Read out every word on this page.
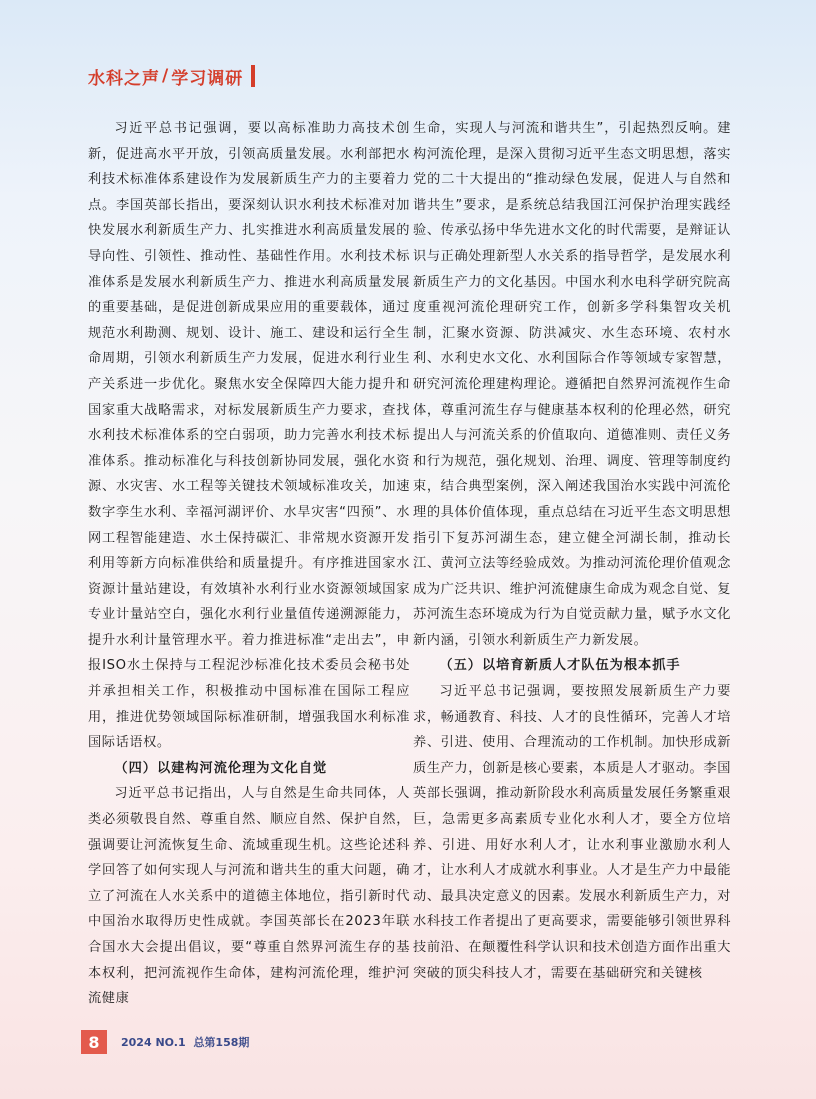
水科之声 / 学习调研

习近平总书记强调，要以高标准助力高技术创新，促进高水平开放，引领高质量发展。水利部把水利技术标准体系建设作为发展新质生产力的主要着力点。李国英部长指出，要深刻认识水利技术标准对加快发展水利新质生产力、扎实推进水利高质量发展的导向性、引领性、推动性、基础性作用。水利技术标准体系是发展水利新质生产力、推进水利高质量发展的重要基础，是促进创新成果应用的重要载体，通过规范水利勘测、规划、设计、施工、建设和运行全生命周期，引领水利新质生产力发展，促进水利行业生产关系进一步优化。聚焦水安全保障四大能力提升和国家重大战略需求，对标发展新质生产力要求，查找水利技术标准体系的空白弱项，助力完善水利技术标准体系。推动标准化与科技创新协同发展，强化水资源、水灾害、水工程等关键技术领域标准攻关，加速数字孪生水利、幸福河湖评价、水旱灾害“四预”、水网工程智能建造、水土保持碳汇、非常规水资源开发利用等新方向标准供给和质量提升。有序推进国家水资源计量站建设，有效填补水利行业水资源领域国家专业计量站空白，强化水利行业量值传递溯源能力，提升水利计量管理水平。着力推进标准“走出去”，申报ISO水土保持与工程泥沙标准化技术委员会秘书处并承担相关工作，积极推动中国标准在国际工程应用，推进优势领域国际标准研制，增强我国水利标准国际话语权。

（四）以建构河流伦理为文化自觉

习近平总书记指出，人与自然是生命共同体，人类必须敬畏自然、尊重自然、顺应自然、保护自然，强调要让河流恢复生命、流域重现生机。这些论述科学回答了如何实现人与河流和谐共生的重大问题，确立了河流在人水关系中的道德主体地位，指引新时代中国治水取得历史性成就。李国英部长在2023年联合国水大会提出倡议，要“尊重自然界河流生存的基本权利，把河流视作生命体，建构河流伦理，维护河流健康

生命，实现人与河流和谐共生”，引起热烈反响。建构河流伦理，是深入贯彻习近平生态文明思想，落实党的二十大提出的“推动绿色发展，促进人与自然和谐共生”要求，是系统总结我国江河保护治理实践经验、传承弘扬中华先进水文化的时代需要，是辩证认识与正确处理新型人水关系的指导哲学，是发展水利新质生产力的文化基因。中国水利水电科学研究院高度重视河流伦理研究工作，创新多学科集智攻关机制，汇聚水资源、防洪减灾、水生态环境、农村水利、水利史水文化、水利国际合作等领域专家智慧，研究河流伦理建构理论。遵循把自然界河流视作生命体，尊重河流生存与健康基本权利的伦理必然，研究提出人与河流关系的价值取向、道德准则、责任义务和行为规范，强化规划、治理、调度、管理等制度约束，结合典型案例，深入阐述我国治水实践中河流伦理的具体价值体现，重点总结在习近平生态文明思想指引下复苏河湖生态，建立健全河湖长制，推动长江、黄河立法等经验成效。为推动河流伦理价值观念成为广泛共识、维护河流健康生命成为观念自觉、复苏河流生态环境成为行为自觉贡献力量，赋予水文化新内涵，引领水利新质生产力新发展。

（五）以培育新质人才队伍为根本抓手

习近平总书记强调，要按照发展新质生产力要求，畅通教育、科技、人才的良性循环，完善人才培养、引进、使用、合理流动的工作机制。加快形成新质生产力，创新是核心要素，本质是人才驱动。李国英部长强调，推动新阶段水利高质量发展任务繁重艰巨，急需更多高素质专业化水利人才，要全方位培养、引进、用好水利人才，让水利事业激励水利人才，让水利人才成就水利事业。人才是生产力中最能动、最具决定意义的因素。发展水利新质生产力，对水科技工作者提出了更高要求，需要能够引领世界科技前沿、在颠覆性科学认识和技术创造方面作出重大突破的顶尖科技人才，需要在基础研究和关键核

8	2024 NO.1 总第158期
